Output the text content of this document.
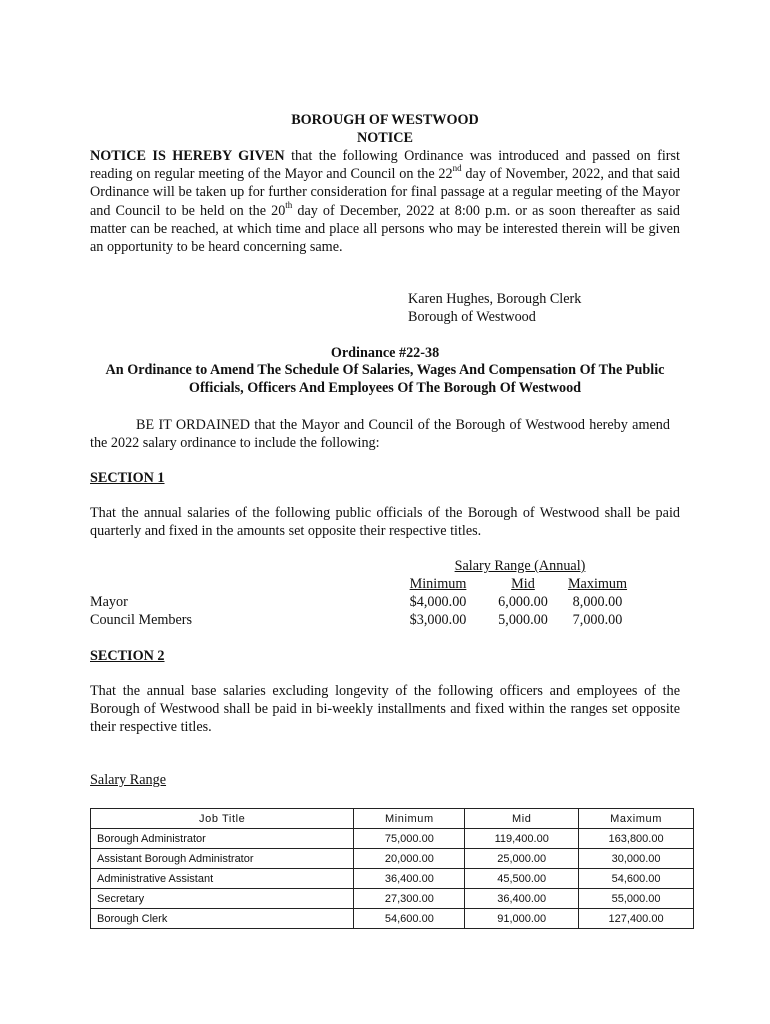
BOROUGH OF WESTWOOD
NOTICE

NOTICE IS HEREBY GIVEN that the following Ordinance was introduced and passed on first reading on regular meeting of the Mayor and Council on the 22nd day of November, 2022, and that said Ordinance will be taken up for further consideration for final passage at a regular meeting of the Mayor and Council to be held on the 20th day of December, 2022 at 8:00 p.m. or as soon thereafter as said matter can be reached, at which time and place all persons who may be interested therein will be given an opportunity to be heard concerning same.

Karen Hughes, Borough Clerk
Borough of Westwood
Ordinance #22-38
An Ordinance to Amend The Schedule Of Salaries, Wages And Compensation Of The Public Officials, Officers And Employees Of The Borough Of Westwood

BE IT ORDAINED that the Mayor and Council of the Borough of Westwood hereby amend the 2022 salary ordinance to include the following:

SECTION 1

That the annual salaries of the following public officials of the Borough of Westwood shall be paid quarterly and fixed in the amounts set opposite their respective titles.

Salary Range (Annual)
Minimum	Mid	Maximum
Mayor	$4,000.00	6,000.00	8,000.00
Council Members	$3,000.00	5,000.00	7,000.00
SECTION 2

That the annual base salaries excluding longevity of the following officers and employees of the Borough of Westwood shall be paid in bi-weekly installments and fixed within the ranges set opposite their respective titles.

Salary Range
Job Title	Minimum	Mid	Maximum
Borough Administrator	75,000.00	119,400.00	163,800.00
Assistant Borough Administrator	20,000.00	25,000.00	30,000.00
Administrative Assistant	36,400.00	45,500.00	54,600.00
Secretary	27,300.00	36,400.00	55,000.00
Borough Clerk	54,600.00	91,000.00	127,400.00
